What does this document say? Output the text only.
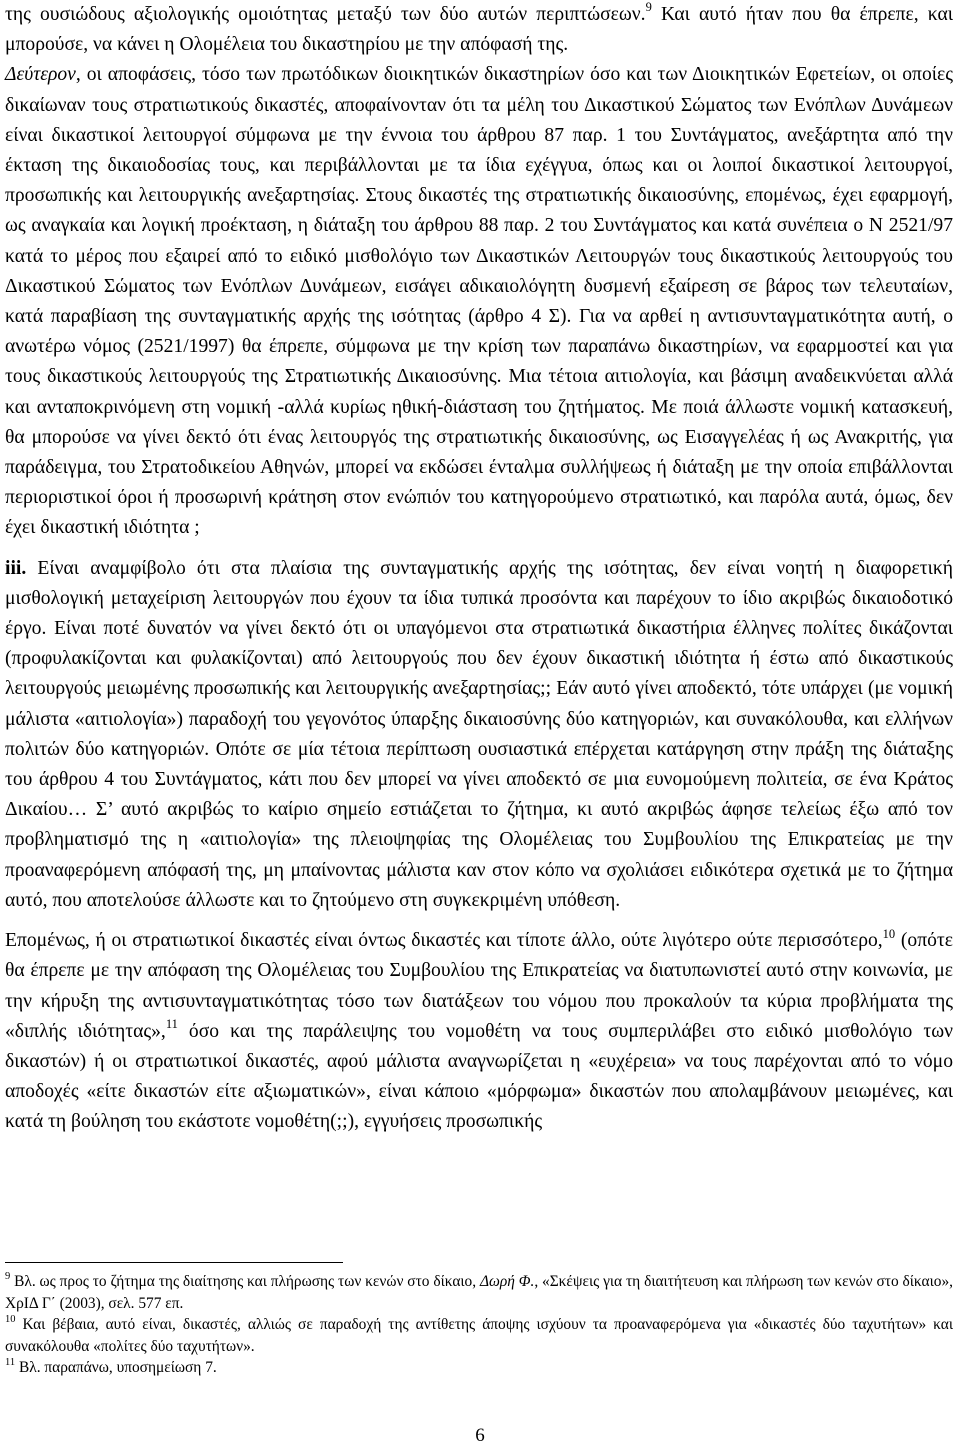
της ουσιώδους αξιολογικής ομοιότητας μεταξύ των δύο αυτών περιπτώσεων.$^9$ Και αυτό ήταν που θα έπρεπε, και μπορούσε, να κάνει η Ολομέλεια του δικαστηρίου με την απόφασή της.

Δεύτερον, οι αποφάσεις, τόσο των πρωτόδικων διοικητικών δικαστηρίων όσο και των Διοικητικών Εφετείων, οι οποίες δικαίωναν τους στρατιωτικούς δικαστές, αποφαίνονταν ότι τα μέλη του Δικαστικού Σώματος των Ενόπλων Δυνάμεων είναι δικαστικοί λειτουργοί σύμφωνα με την έννοια του άρθρου 87 παρ. 1 του Συντάγματος, ανεξάρτητα από την έκταση της δικαιοδοσίας τους, και περιβάλλονται με τα ίδια εχέγγυα, όπως και οι λοιποί δικαστικοί λειτουργοί, προσωπικής και λειτουργικής ανεξαρτησίας. Στους δικαστές της στρατιωτικής δικαιοσύνης, επομένως, έχει εφαρμογή, ως αναγκαία και λογική προέκταση, η διάταξη του άρθρου 88 παρ. 2 του Συντάγματος και κατά συνέπεια ο Ν 2521/97 κατά το μέρος που εξαιρεί από το ειδικό μισθολόγιο των Δικαστικών Λειτουργών τους δικαστικούς λειτουργούς του Δικαστικού Σώματος των Ενόπλων Δυνάμεων, εισάγει αδικαιολόγητη δυσμενή εξαίρεση σε βάρος των τελευταίων, κατά παραβίαση της συνταγματικής αρχής της ισότητας (άρθρο 4 Σ). Για να αρθεί η αντισυνταγματικότητα αυτή, ο ανωτέρω νόμος (2521/1997) θα έπρεπε, σύμφωνα με την κρίση των παραπάνω δικαστηρίων, να εφαρμοστεί και για τους δικαστικούς λειτουργούς της Στρατιωτικής Δικαιοσύνης. Μια τέτοια αιτιολογία, και βάσιμη αναδεικνύεται αλλά και ανταποκρινόμενη στη νομική -αλλά κυρίως ηθική-διάσταση του ζητήματος. Με ποιά άλλωστε νομική κατασκευή, θα μπορούσε να γίνει δεκτό ότι ένας λειτουργός της στρατιωτικής δικαιοσύνης, ως Εισαγγελέας ή ως Ανακριτής, για παράδειγμα, του Στρατοδικείου Αθηνών, μπορεί να εκδώσει ένταλμα συλλήψεως ή διάταξη με την οποία επιβάλλονται περιοριστικοί όροι ή προσωρινή κράτηση στον ενώπιόν του κατηγορούμενο στρατιωτικό, και παρόλα αυτά, όμως, δεν έχει δικαστική ιδιότητα ;

iii. Είναι αναμφίβολο ότι στα πλαίσια της συνταγματικής αρχής της ισότητας, δεν είναι νοητή η διαφορετική μισθολογική μεταχείριση λειτουργών που έχουν τα ίδια τυπικά προσόντα και παρέχουν το ίδιο ακριβώς δικαιοδοτικό έργο. Είναι ποτέ δυνατόν να γίνει δεκτό ότι οι υπαγόμενοι στα στρατιωτικά δικαστήρια έλληνες πολίτες δικάζονται (προφυλακίζονται και φυλακίζονται) από λειτουργούς που δεν έχουν δικαστική ιδιότητα ή έστω από δικαστικούς λειτουργούς μειωμένης προσωπικής και λειτουργικής ανεξαρτησίας;; Εάν αυτό γίνει αποδεκτό, τότε υπάρχει (με νομική μάλιστα «αιτιολογία») παραδοχή του γεγονότος ύπαρξης δικαιοσύνης δύο κατηγοριών, και συνακόλουθα, και ελλήνων πολιτών δύο κατηγοριών. Οπότε σε μία τέτοια περίπτωση ουσιαστικά επέρχεται κατάργηση στην πράξη της διάταξης του άρθρου 4 του Συντάγματος, κάτι που δεν μπορεί να γίνει αποδεκτό σε μια ευνομούμενη πολιτεία, σε ένα Κράτος Δικαίου… Σ’ αυτό ακριβώς το καίριο σημείο εστιάζεται το ζήτημα, κι αυτό ακριβώς άφησε τελείως έξω από τον προβληματισμό της η «αιτιολογία» της πλειοψηφίας της Ολομέλειας του Συμβουλίου της Επικρατείας με την προαναφερόμενη απόφασή της, μη μπαίνοντας μάλιστα καν στον κόπο να σχολιάσει ειδικότερα σχετικά με το ζήτημα αυτό, που αποτελούσε άλλωστε και το ζητούμενο στη συγκεκριμένη υπόθεση.

Επομένως, ή οι στρατιωτικοί δικαστές είναι όντως δικαστές και τίποτε άλλο, ούτε λιγότερο ούτε περισσότερο,$^{10}$ (οπότε θα έπρεπε με την απόφαση της Ολομέλειας του Συμβουλίου της Επικρατείας να διατυπωνιστεί αυτό στην κοινωνία, με την κήρυξη της αντισυνταγματικότητας τόσο των διατάξεων του νόμου που προκαλούν τα κύρια προβλήματα της «διπλής ιδιότητας»,$^{11}$ όσο και της παράλειψης του νομοθέτη να τους συμπεριλάβει στο ειδικό μισθολόγιο των δικαστών) ή οι στρατιωτικοί δικαστές, αφού μάλιστα αναγνωρίζεται η «ευχέρεια» να τους παρέχονται από το νόμο αποδοχές «είτε δικαστών είτε αξιωματικών», είναι κάποιο «μόρφωμα» δικαστών που απολαμβάνουν μειωμένες, και κατά τη βούληση του εκάστοτε νομοθέτη(;;), εγγυήσεις προσωπικής

$^9$ Βλ. ως προς το ζήτημα της διαίτησης και πλήρωσης των κενών στο δίκαιο, Δωρή Φ., «Σκέψεις για τη διαιτήτευση και πλήρωση των κενών στο δίκαιο», ΧρΙΔ Γ΄ (2003), σελ. 577 επ.

$^{10}$ Και βέβαια, αυτό είναι, δικαστές, αλλιώς σε παραδοχή της αντίθετης άποψης ισχύουν τα προαναφερόμενα για «δικαστές δύο ταχυτήτων» και συνακόλουθα «πολίτες δύο ταχυτήτων».

$^{11}$ Βλ. παραπάνω, υποσημείωση 7.

6
